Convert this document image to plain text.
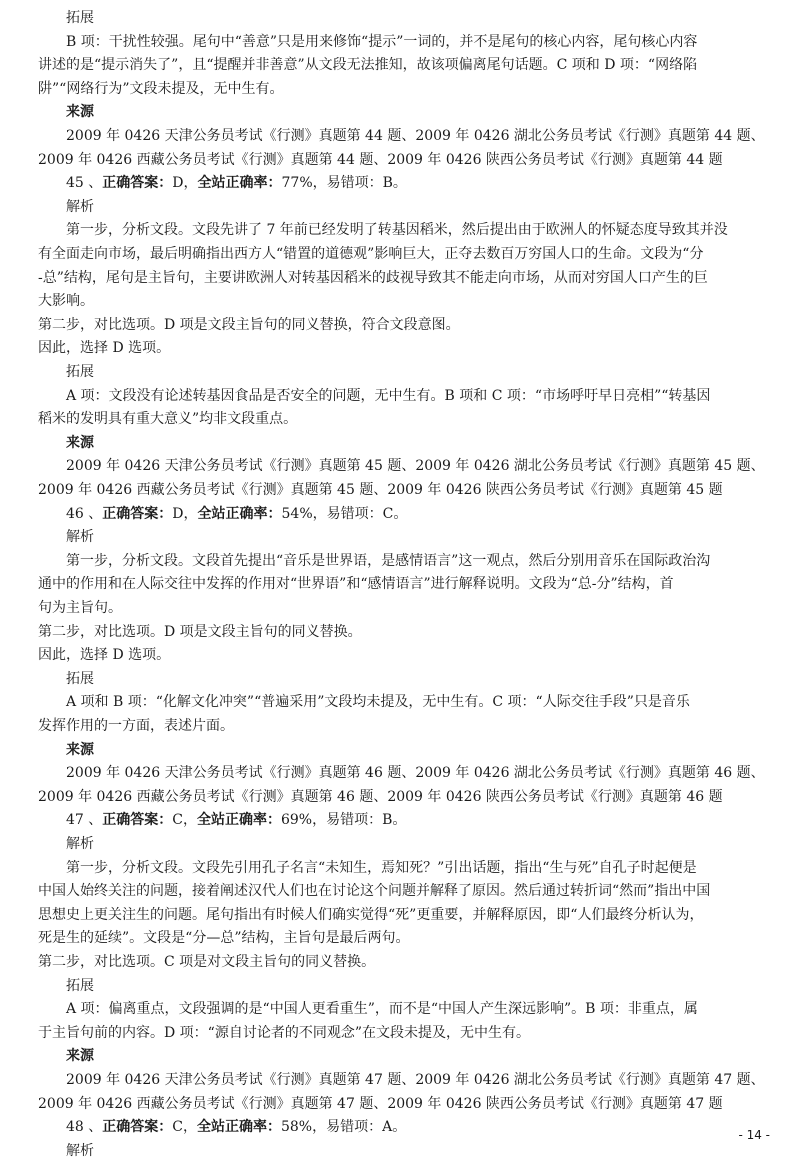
拓展
B 项：干扰性较强。尾句中“善意”只是用来修饰“提示”一词的，并不是尾句的核心内容，尾句核心内容
讲述的是“提示消失了”，且“提醒并非善意”从文段无法推知，故该项偏离尾句话题。C 项和 D 项：“网络陷
阱”“网络行为”文段未提及，无中生有。
来源
2009 年 0426 天津公务员考试《行测》真题第 44 题、2009 年 0426 湖北公务员考试《行测》真题第 44 题、
2009 年 0426 西藏公务员考试《行测》真题第 44 题、2009 年 0426 陕西公务员考试《行测》真题第 44 题
45 、正确答案：D，全站正确率：77%，易错项：B。
解析
第一步，分析文段。文段先讲了 7 年前已经发明了转基因稻米，然后提出由于欧洲人的怀疑态度导致其并没
有全面走向市场，最后明确指出西方人“错置的道德观”影响巨大，正夺去数百万穷国人口的生命。文段为“分
-总”结构，尾句是主旨句，主要讲欧洲人对转基因稻米的歧视导致其不能走向市场，从而对穷国人口产生的巨
大影响。
第二步，对比选项。D 项是文段主旨句的同义替换，符合文段意图。
因此，选择 D 选项。
拓展
A 项：文段没有论述转基因食品是否安全的问题，无中生有。B 项和 C 项：“市场呼吁早日亮相”“转基因
稻米的发明具有重大意义”均非文段重点。
来源
2009 年 0426 天津公务员考试《行测》真题第 45 题、2009 年 0426 湖北公务员考试《行测》真题第 45 题、
2009 年 0426 西藏公务员考试《行测》真题第 45 题、2009 年 0426 陕西公务员考试《行测》真题第 45 题
46 、正确答案：D，全站正确率：54%，易错项：C。
解析
第一步，分析文段。文段首先提出“音乐是世界语，是感情语言”这一观点，然后分别用音乐在国际政治沟
通中的作用和在人际交往中发挥的作用对“世界语”和“感情语言”进行解释说明。文段为“总-分”结构，首
句为主旨句。
第二步，对比选项。D 项是文段主旨句的同义替换。
因此，选择 D 选项。
拓展
A 项和 B 项：“化解文化冲突”“普遍采用”文段均未提及，无中生有。C 项：“人际交往手段”只是音乐
发挥作用的一方面，表述片面。
来源
2009 年 0426 天津公务员考试《行测》真题第 46 题、2009 年 0426 湖北公务员考试《行测》真题第 46 题、
2009 年 0426 西藏公务员考试《行测》真题第 46 题、2009 年 0426 陕西公务员考试《行测》真题第 46 题
47 、正确答案：C，全站正确率：69%，易错项：B。
解析
第一步，分析文段。文段先引用孔子名言“未知生，焉知死？”引出话题，指出“生与死”自孔子时起便是
中国人始终关注的问题，接着阐述汉代人们也在讨论这个问题并解释了原因。然后通过转折词“然而”指出中国
思想史上更关注生的问题。尾句指出有时候人们确实觉得“死”更重要，并解释原因，即“人们最终分析认为，
死是生的延续”。文段是“分—总”结构，主旨句是最后两句。
第二步，对比选项。C 项是对文段主旨句的同义替换。
拓展
A 项：偏离重点，文段强调的是“中国人更看重生”，而不是“中国人产生深远影响”。B 项：非重点，属
于主旨句前的内容。D 项：“源自讨论者的不同观念”在文段未提及，无中生有。
来源
2009 年 0426 天津公务员考试《行测》真题第 47 题、2009 年 0426 湖北公务员考试《行测》真题第 47 题、
2009 年 0426 西藏公务员考试《行测》真题第 47 题、2009 年 0426 陕西公务员考试《行测》真题第 47 题
48 、正确答案：C，全站正确率：58%，易错项：A。
解析
- 14 -
